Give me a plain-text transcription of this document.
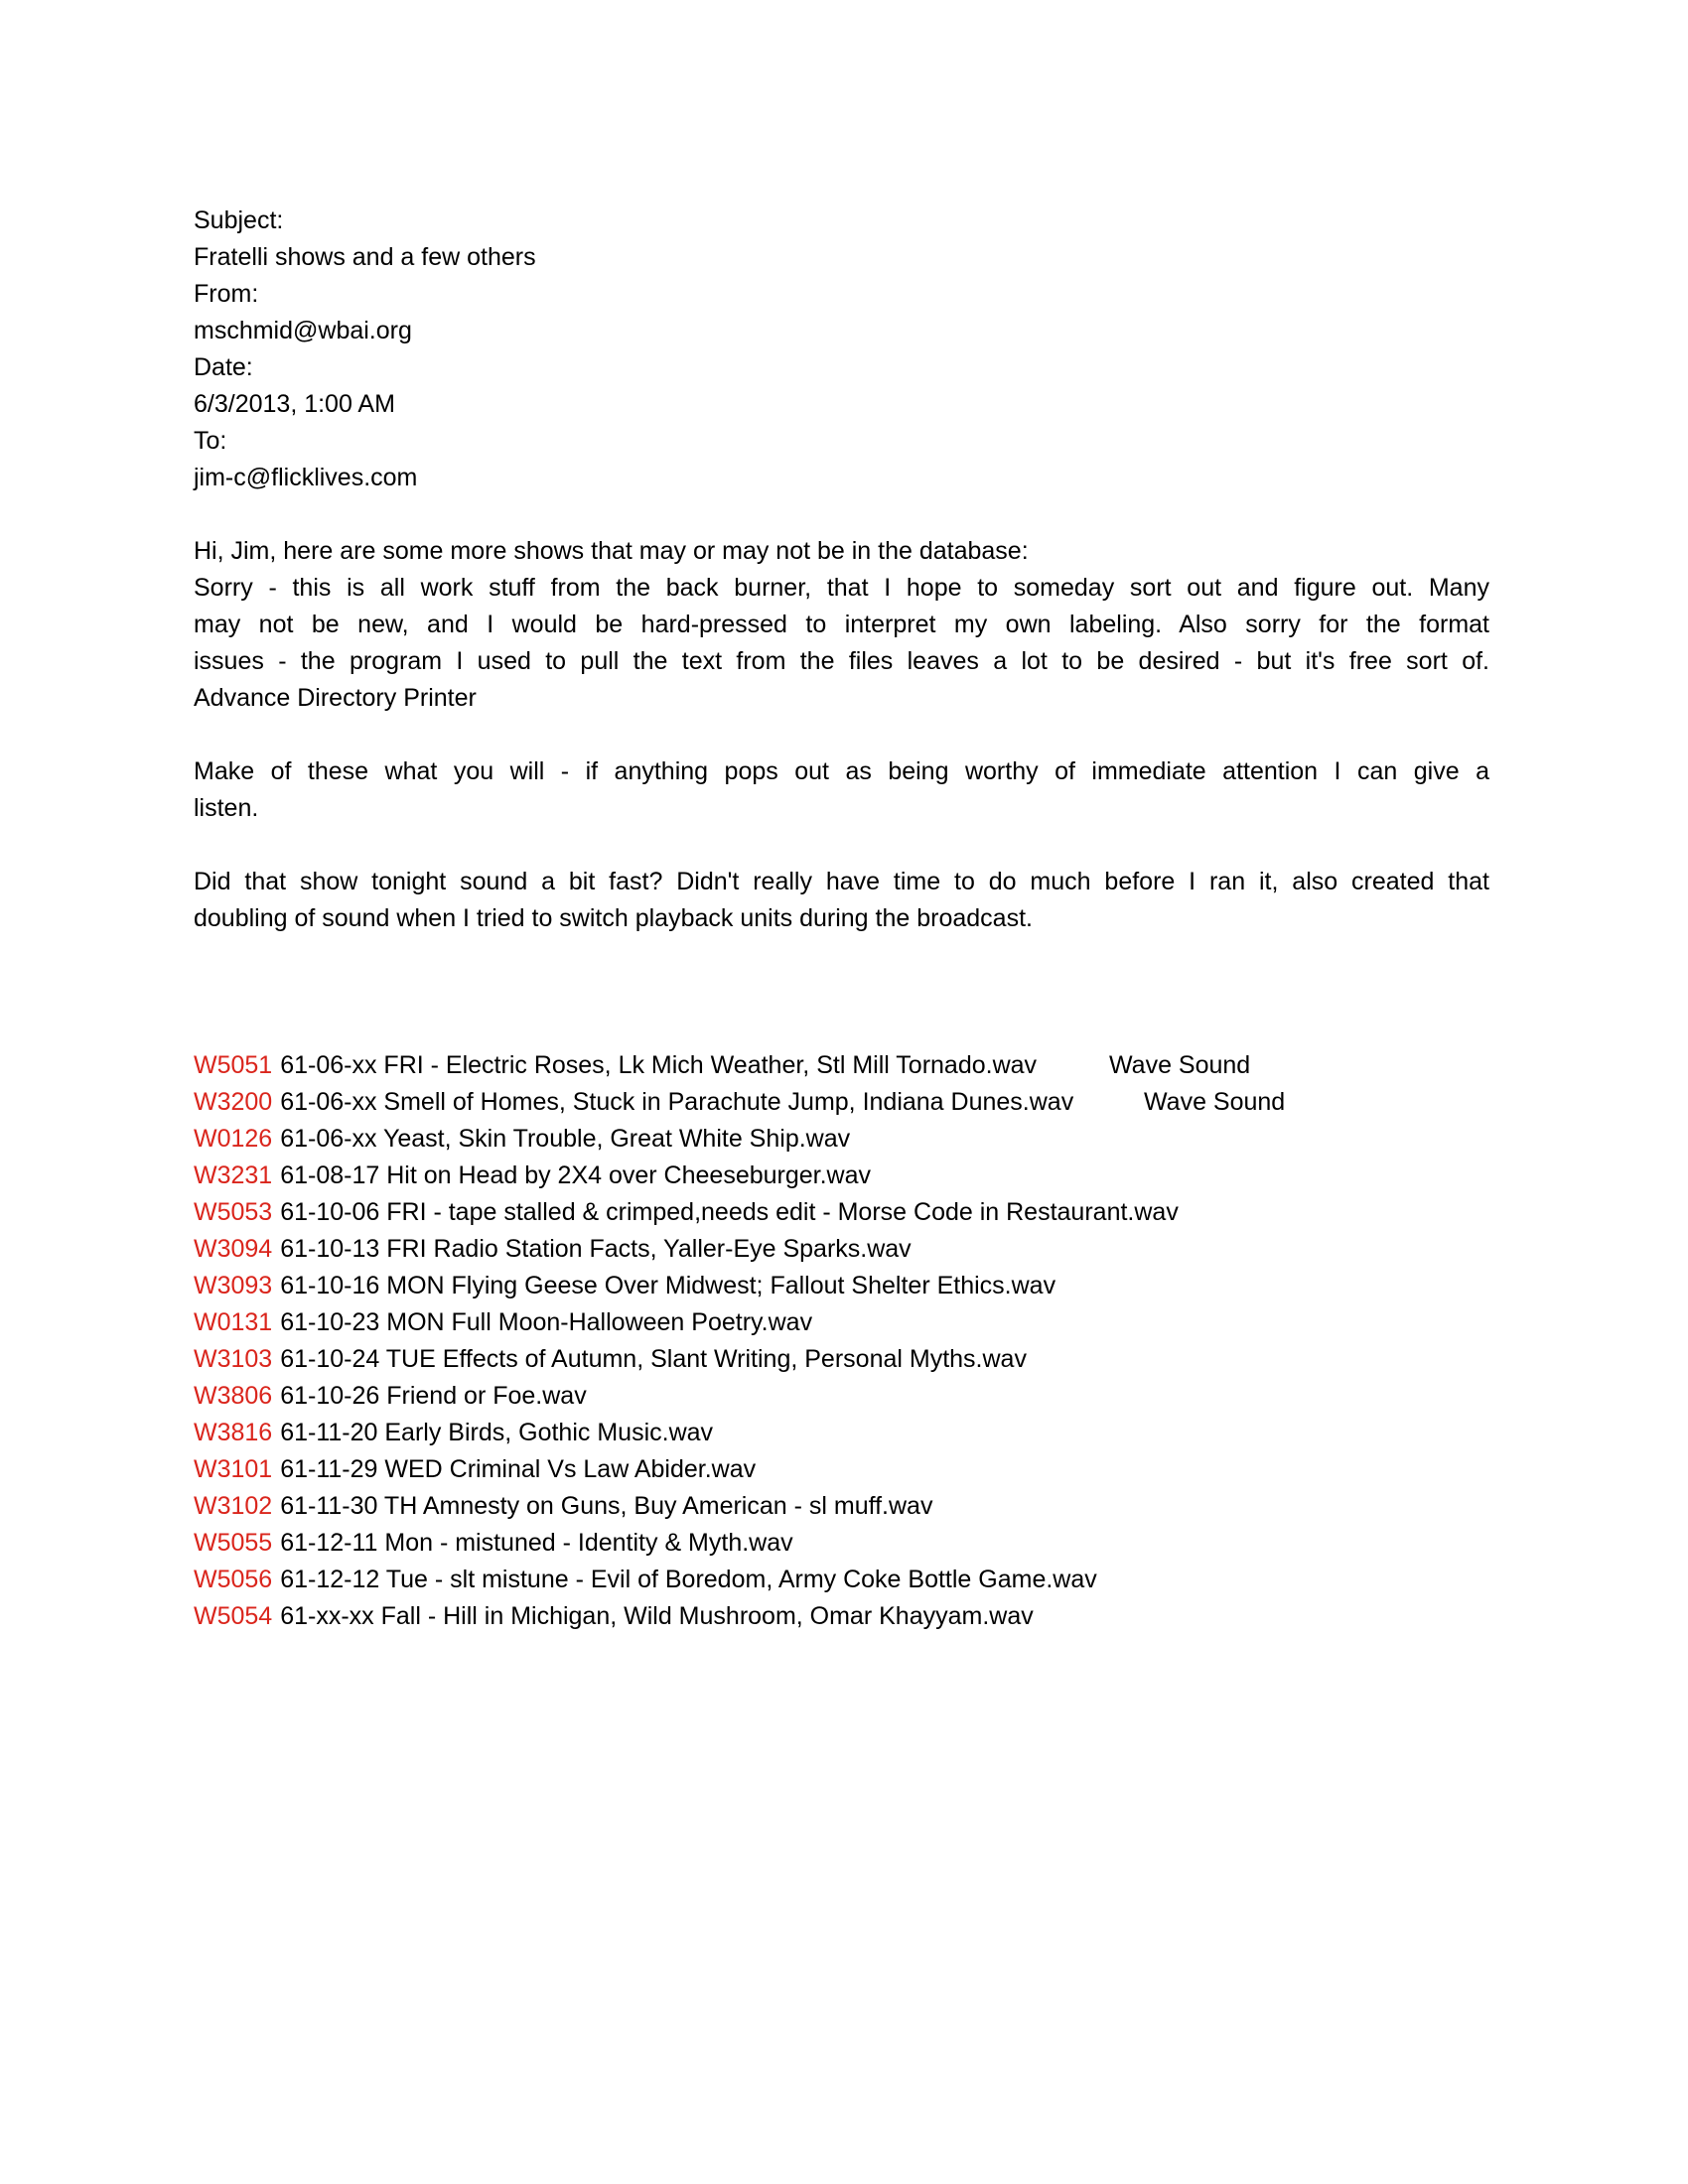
Subject:
Fratelli shows and a few others
From:
mschmid@wbai.org
Date:
6/3/2013, 1:00 AM
To:
jim-c@flicklives.com
Hi, Jim, here are some more shows that may or may not be in the database:
Sorry - this is all work stuff from the back burner, that I hope to someday sort out and figure out. Many
may not be new, and I would be hard-pressed to interpret my own labeling. Also sorry for the format
issues - the program I used to pull the text from the files leaves a lot to be desired - but it's free sort of.
Advance Directory Printer
Make of these what you will - if anything pops out as being worthy of immediate attention I can give a
listen.
Did that show tonight sound a bit fast? Didn't really have time to do much before I ran it, also created that
doubling of sound when I tried to switch playback units during the broadcast.
W5051 61-06-xx FRI - Electric Roses, Lk Mich Weather, Stl Mill Tornado.wav	Wave Sound
W3200 61-06-xx Smell of Homes, Stuck in Parachute Jump, Indiana Dunes.wav	Wave Sound
W0126 61-06-xx Yeast, Skin Trouble, Great White Ship.wav
W3231 61-08-17 Hit on Head by 2X4 over Cheeseburger.wav
W5053 61-10-06 FRI - tape stalled & crimped,needs edit - Morse Code in Restaurant.wav
W3094 61-10-13 FRI Radio Station Facts, Yaller-Eye Sparks.wav
W3093 61-10-16 MON Flying Geese Over Midwest; Fallout Shelter Ethics.wav
W0131 61-10-23 MON Full Moon-Halloween Poetry.wav
W3103 61-10-24 TUE Effects of Autumn, Slant Writing, Personal Myths.wav
W3806 61-10-26 Friend or Foe.wav
W3816 61-11-20 Early Birds, Gothic Music.wav
W3101 61-11-29 WED Criminal Vs Law Abider.wav
W3102 61-11-30 TH Amnesty on Guns, Buy American - sl muff.wav
W5055 61-12-11 Mon - mistuned - Identity & Myth.wav
W5056 61-12-12 Tue - slt mistune - Evil of Boredom, Army Coke Bottle Game.wav
W5054 61-xx-xx Fall - Hill in Michigan, Wild Mushroom, Omar Khayyam.wav
